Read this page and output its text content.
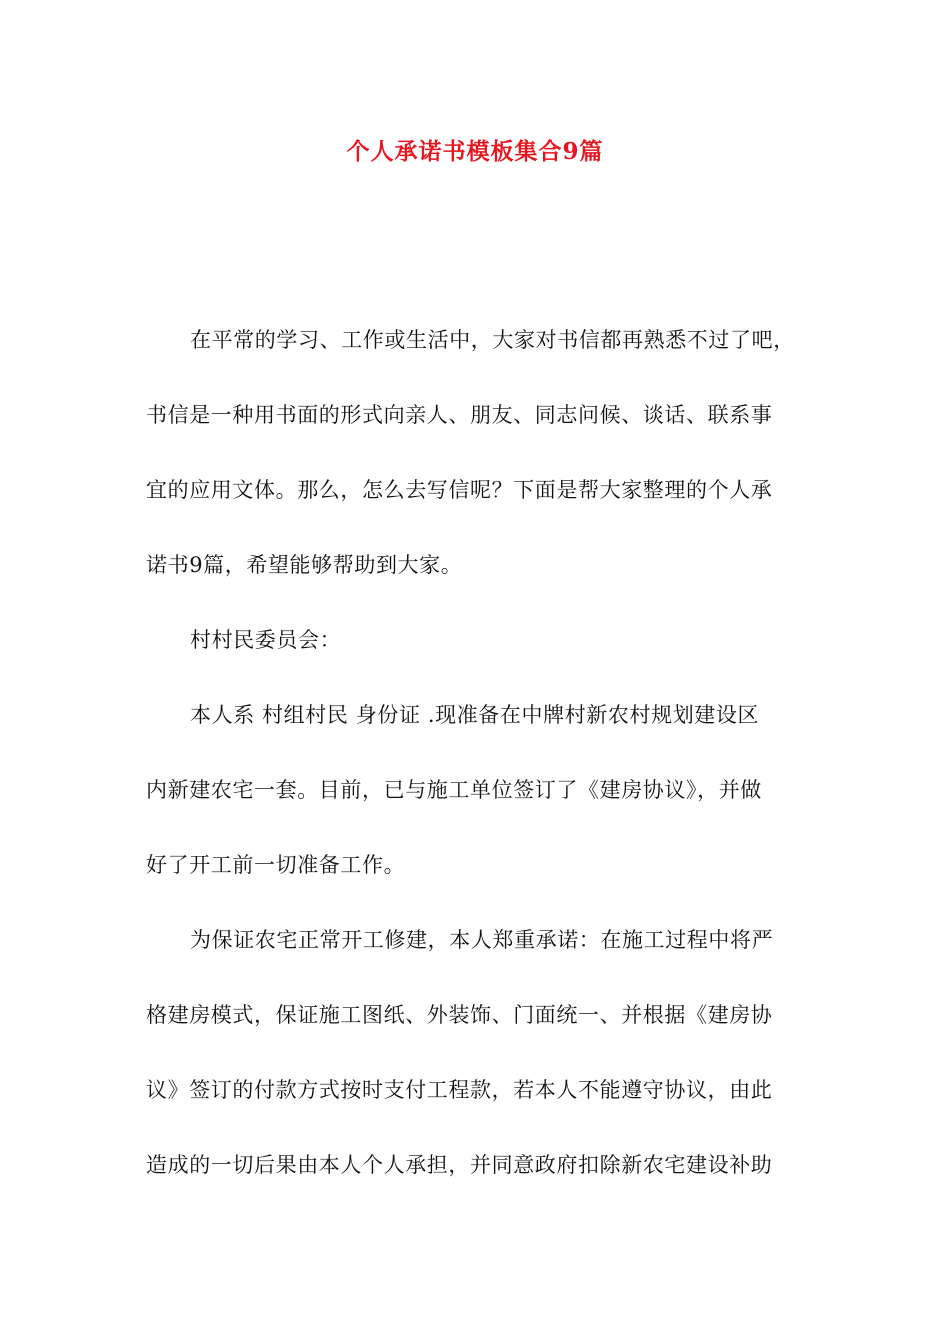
个人承诺书模板集合9篇

在平常的学习、工作或生活中，大家对书信都再熟悉不过了吧，

书信是一种用书面的形式向亲人、朋友、同志问候、谈话、联系事

宜的应用文体。那么，怎么去写信呢？下面是帮大家整理的个人承

诺书9篇，希望能够帮助到大家。

村村民委员会：

本人系 村组村民 身份证 .现准备在中牌村新农村规划建设区

内新建农宅一套。目前，已与施工单位签订了《建房协议》，并做

好了开工前一切准备工作。

为保证农宅正常开工修建，本人郑重承诺：在施工过程中将严

格建房模式，保证施工图纸、外装饰、门面统一、并根据《建房协

议》签订的付款方式按时支付工程款，若本人不能遵守协议，由此

造成的一切后果由本人个人承担，并同意政府扣除新农宅建设补助
